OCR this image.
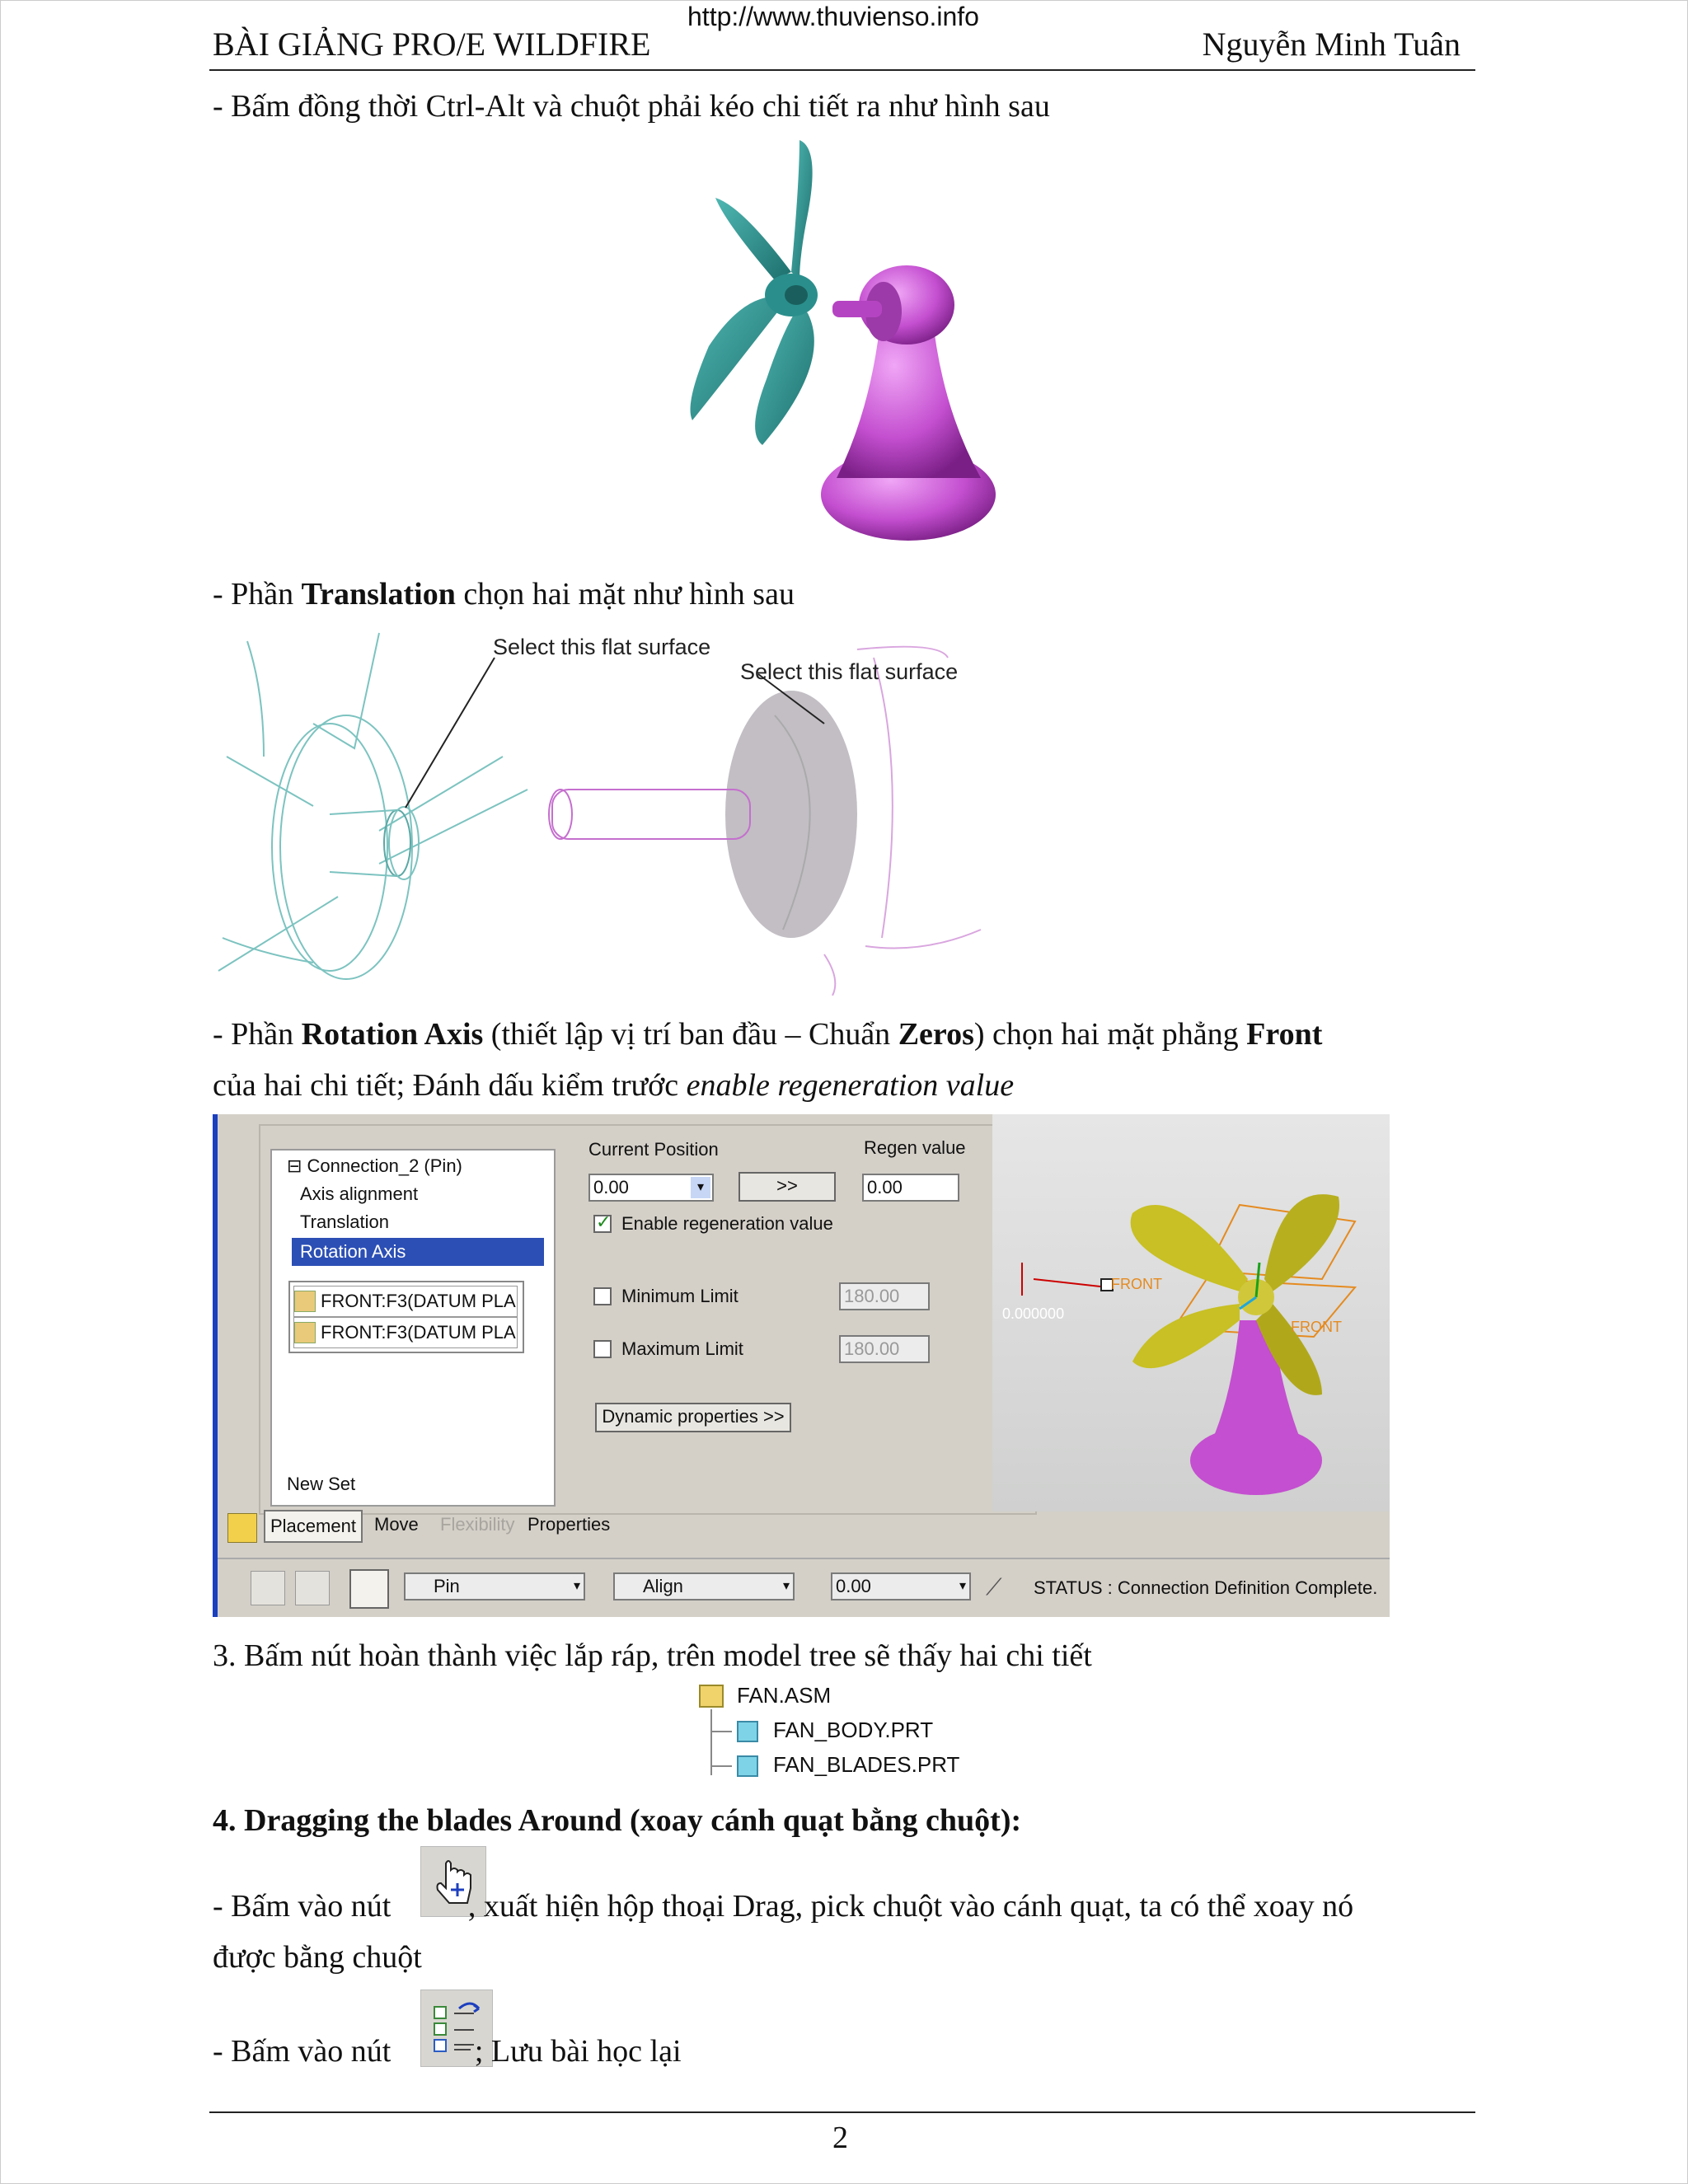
http://www.thuvienso.info
BÀI GIẢNG PRO/E WILDFIRE	Nguyễn Minh Tuân
- Bấm đồng thời Ctrl-Alt và chuột phải kéo chi tiết ra như hình sau
- Phần Translation chọn hai mặt như hình sau
Select this flat surface
Select this flat surface
- Phần Rotation Axis (thiết lập vị trí ban đầu – Chuẩn Zeros) chọn hai mặt phẳng Front
của hai chi tiết; Đánh dấu kiểm trước enable regeneration value
⊟ Connection_2 (Pin)
Axis alignment
Translation
Rotation Axis
FRONT:F3(DATUM PLA
FRONT:F3(DATUM PLA
New Set
Current Position	Regen value
0.00	▾	>>	0.00
✓ Enable regeneration value
Minimum Limit	180.00
Maximum Limit	180.00
Dynamic properties >>
0.000000
FRONT
FRONT
Placement	Move Flexibility Properties
Pin	▾	Align	▾	0.00	▾ ⟋ STATUS : Connection Definition Complete.
3. Bấm nút hoàn thành việc lắp ráp, trên model tree sẽ thấy hai chi tiết
FAN.ASM
FAN_BODY.PRT
FAN_BLADES.PRT
4. Dragging the blades Around (xoay cánh quạt bằng chuột):
- Bấm vào nút , xuất hiện hộp thoại Drag, pick chuột vào cánh quạt, ta có thể xoay nó
được bằng chuột
- Bấm vào nút ; Lưu bài học lại
2
